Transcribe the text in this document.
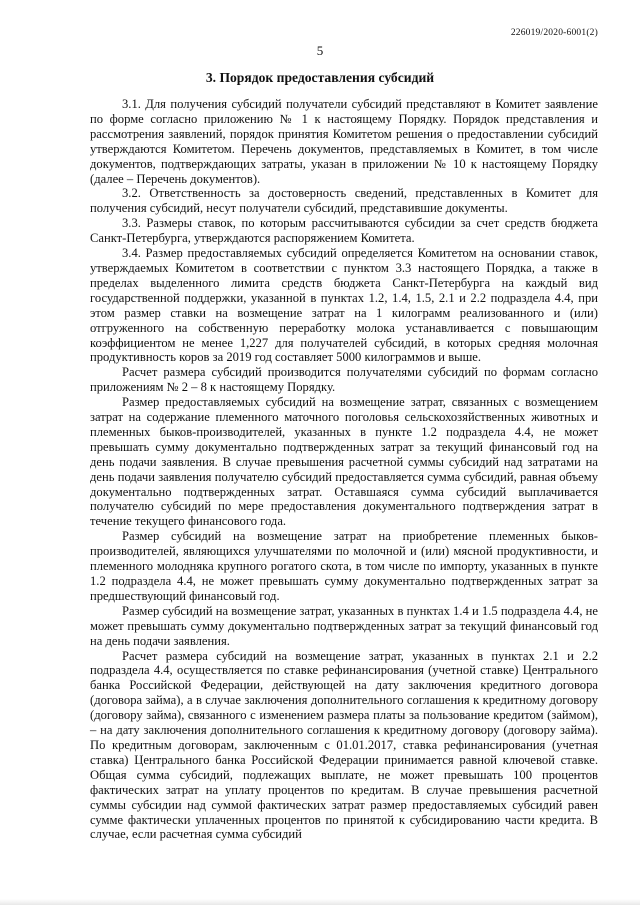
226019/2020-6001(2)
5
3. Порядок предоставления субсидий

3.1. Для получения субсидий получатели субсидий представляют в Комитет заявление по форме согласно приложению № 1 к настоящему Порядку. Порядок представления и рассмотрения заявлений, порядок принятия Комитетом решения о предоставлении субсидий утверждаются Комитетом. Перечень документов, представляемых в Комитет, в том числе документов, подтверждающих затраты, указан в приложении № 10 к настоящему Порядку (далее – Перечень документов).

3.2. Ответственность за достоверность сведений, представленных в Комитет для получения субсидий, несут получатели субсидий, представившие документы.

3.3. Размеры ставок, по которым рассчитываются субсидии за счет средств бюджета Санкт-Петербурга, утверждаются распоряжением Комитета.

3.4. Размер предоставляемых субсидий определяется Комитетом на основании ставок, утверждаемых Комитетом в соответствии с пунктом 3.3 настоящего Порядка, а также в пределах выделенного лимита средств бюджета Санкт-Петербурга на каждый вид государственной поддержки, указанной в пунктах 1.2, 1.4, 1.5, 2.1 и 2.2 подраздела 4.4, при этом размер ставки на возмещение затрат на 1 килограмм реализованного и (или) отгруженного на собственную переработку молока устанавливается с повышающим коэффициентом не менее 1,227 для получателей субсидий, в которых средняя молочная продуктивность коров за 2019 год составляет 5000 килограммов и выше.

Расчет размера субсидий производится получателями субсидий по формам согласно приложениям № 2 – 8 к настоящему Порядку.

Размер предоставляемых субсидий на возмещение затрат, связанных с возмещением затрат на содержание племенного маточного поголовья сельскохозяйственных животных и племенных быков-производителей, указанных в пункте 1.2 подраздела 4.4, не может превышать сумму документально подтвержденных затрат за текущий финансовый год на день подачи заявления. В случае превышения расчетной суммы субсидий над затратами на день подачи заявления получателю субсидий предоставляется сумма субсидий, равная объему документально подтвержденных затрат. Оставшаяся сумма субсидий выплачивается получателю субсидий по мере предоставления документального подтверждения затрат в течение текущего финансового года.

Размер субсидий на возмещение затрат на приобретение племенных быков-производителей, являющихся улучшателями по молочной и (или) мясной продуктивности, и племенного молодняка крупного рогатого скота, в том числе по импорту, указанных в пункте 1.2 подраздела 4.4, не может превышать сумму документально подтвержденных затрат за предшествующий финансовый год.

Размер субсидий на возмещение затрат, указанных в пунктах 1.4 и 1.5 подраздела 4.4, не может превышать сумму документально подтвержденных затрат за текущий финансовый год на день подачи заявления.

Расчет размера субсидий на возмещение затрат, указанных в пунктах 2.1 и 2.2 подраздела 4.4, осуществляется по ставке рефинансирования (учетной ставке) Центрального банка Российской Федерации, действующей на дату заключения кредитного договора (договора займа), а в случае заключения дополнительного соглашения к кредитному договору (договору займа), связанного с изменением размера платы за пользование кредитом (займом), – на дату заключения дополнительного соглашения к кредитному договору (договору займа). По кредитным договорам, заключенным с 01.01.2017, ставка рефинансирования (учетная ставка) Центрального банка Российской Федерации принимается равной ключевой ставке. Общая сумма субсидий, подлежащих выплате, не может превышать 100 процентов фактических затрат на уплату процентов по кредитам. В случае превышения расчетной суммы субсидии над суммой фактических затрат размер предоставляемых субсидий равен сумме фактически уплаченных процентов по принятой к субсидированию части кредита. В случае, если расчетная сумма субсидий
